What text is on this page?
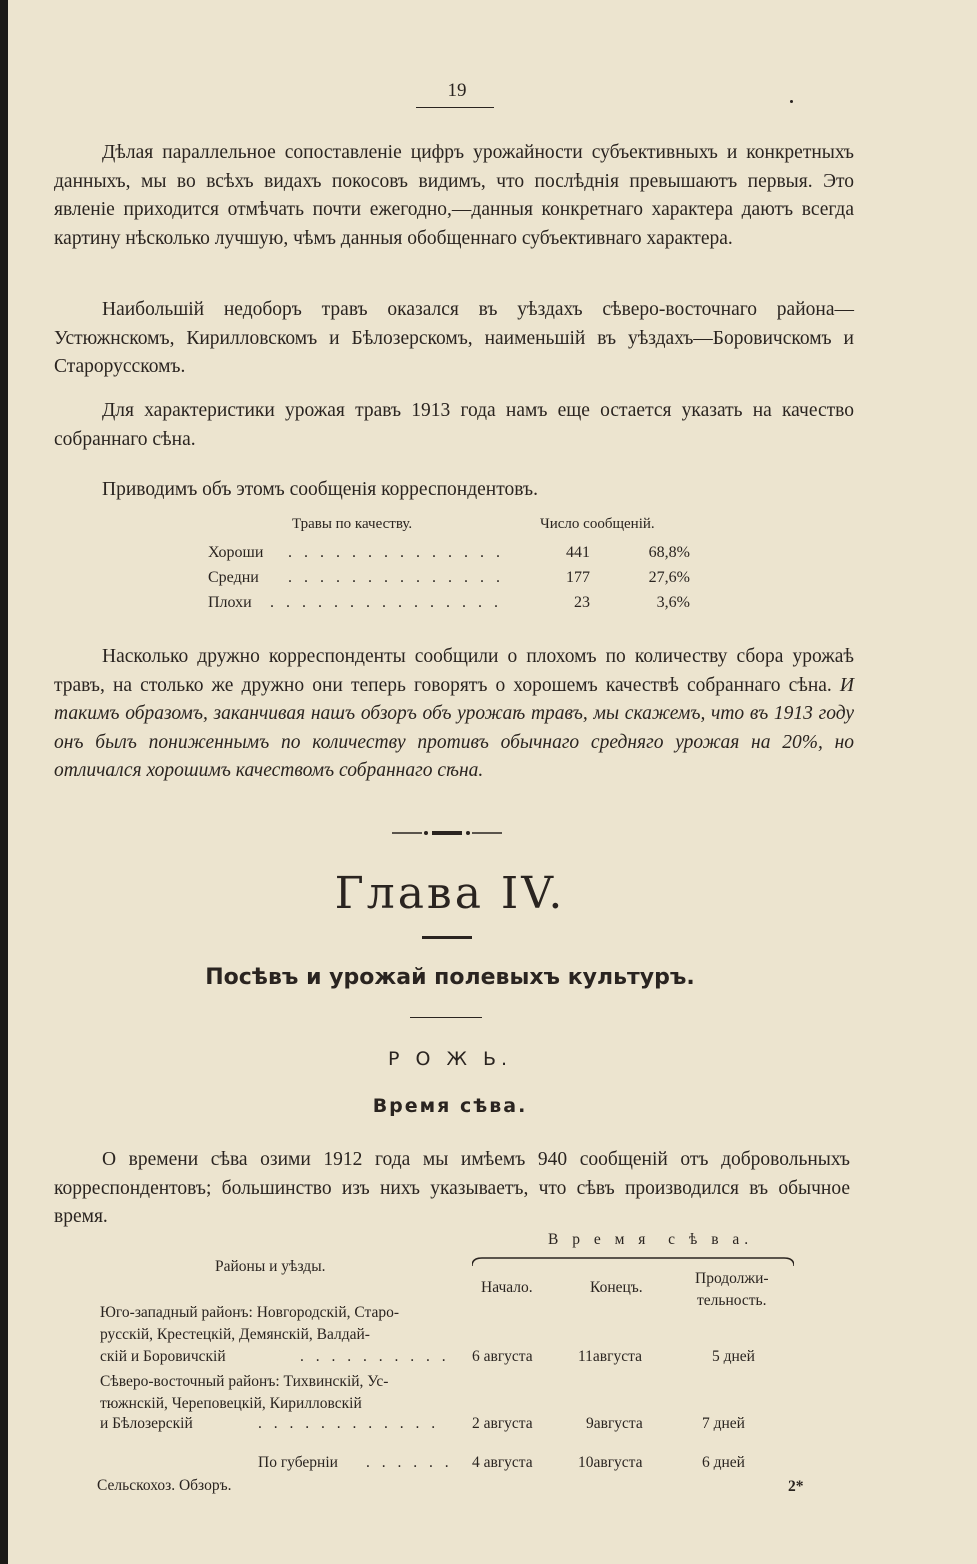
19

Дѣлая параллельное сопоставленіе цифръ урожайности субъективныхъ и конкретныхъ данныхъ, мы во всѣхъ видахъ покосовъ видимъ, что послѣднія превышаютъ первыя. Это явленіе приходится отмѣчать почти ежегодно,—данныя конкретнаго характера даютъ всегда картину нѣсколько лучшую, чѣмъ данныя обобщеннаго субъективнаго характера.

Наибольшій недоборъ травъ оказался въ уѣздахъ сѣверо-восточнаго района—Устюжнскомъ, Кирилловскомъ и Бѣлозерскомъ, наименьшій въ уѣздахъ—Боровичскомъ и Старорусскомъ.

Для характеристики урожая травъ 1913 года намъ еще остается указать на качество собраннаго сѣна.

Приводимъ объ этомъ сообщенія корреспондентовъ.

Травы по качеству.	Число сообщеній.
Хороши . . . . . . . . . . . . . .	441	68,8%
Средни . . . . . . . . . . . . . .	177	27,6%
Плохи . . . . . . . . . . . . . . .	23	3,6%

Насколько дружно корреспонденты сообщили о плохомъ по количеству сбора урожаѣ травъ, на столько же дружно они теперь говорятъ о хорошемъ качествѣ собраннаго сѣна. И такимъ образомъ, заканчивая нашъ обзоръ объ урожаѣ травъ, мы скажемъ, что въ 1913 году онъ былъ пониженнымъ по количеству противъ обычнаго средняго урожая на 20%, но отличался хорошимъ качествомъ собраннаго сѣна.

Глава IV.
Посѣвъ и урожай полевыхъ культуръ.
Р О Ж Ь.
Время сѣва.

О времени сѣва озими 1912 года мы имѣемъ 940 сообщеній отъ добровольныхъ корреспондентовъ; большинство изъ нихъ указываетъ, что сѣвъ производился въ обычное время.

В р е м я  с ѣ в а.
Районы и уѣзды.
Начало.	Конецъ.
Продолжи-
тельность.
Юго-западный районъ: Новгородскій, Старо-
русскій, Крестецкій, Демянскій, Валдай-
скій и Боровичскій	. . . . . . . . . . 6 августа	11августа	5 дней
Сѣверо-восточный районъ: Тихвинскій, Ус-
тюжнскій, Череповецкій, Кирилловскій
и Бѣлозерскій	. . . . . . . . . . . . 2 августа	9августа	7 дней
По губерніи . . . . . . 4 августа	10августа	6 дней
Сельскохоз. Обзоръ.	2*
